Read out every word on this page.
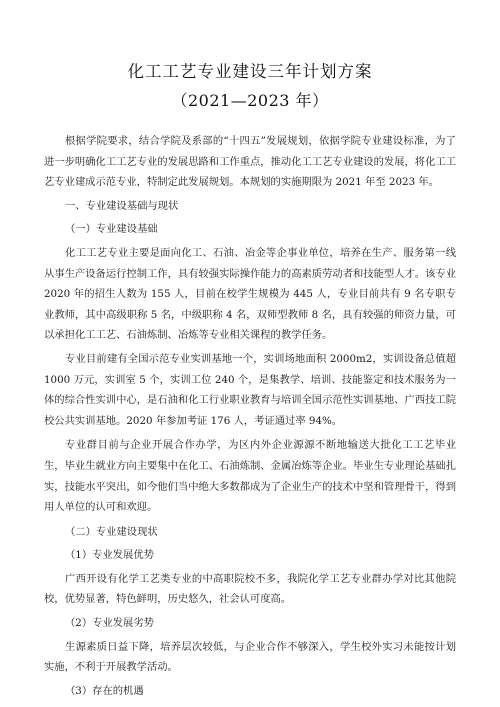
化工工艺专业建设三年计划方案
（2021—2023 年）

根据学院要求，结合学院及系部的“十四五”发展规划，依据学院专业建设标准，为了进一步明确化工工艺专业的发展思路和工作重点，推动化工工艺专业建设的发展，将化工工艺专业建成示范专业，特制定此发展规划。本规划的实施期限为 2021 年至 2023 年。

一、专业建设基础与现状

（一）专业建设基础

化工工艺专业主要是面向化工、石油、冶金等企事业单位，培养在生产、服务第一线从事生产设备运行控制工作，具有较强实际操作能力的高素质劳动者和技能型人才。该专业 2020 年的招生人数为 155 人，目前在校学生规模为 445 人，专业目前共有 9 名专职专业教师，其中高级职称 5 名，中级职称 4 名，双师型教师 8 名，具有较强的师资力量，可以承担化工工艺、石油炼制、冶炼等专业相关课程的教学任务。

专业目前建有全国示范专业实训基地一个，实训场地面积 2000m2，实训设备总值超 1000 万元，实训室 5 个，实训工位 240 个，是集教学、培训、技能鉴定和技术服务为一体的综合性实训中心，是石油和化工行业职业教育与培训全国示范性实训基地、广西技工院校公共实训基地。2020 年参加考证 176 人，考证通过率 94%。

专业群目前与企业开展合作办学，为区内外企业源源不断地输送大批化工工艺毕业生，毕业生就业方向主要集中在化工、石油炼制、金属冶炼等企业。毕业生专业理论基础扎实，技能水平突出，如今他们当中绝大多数都成为了企业生产的技术中坚和管理骨干，得到用人单位的认可和欢迎。

（二）专业建设现状

（1）专业发展优势

广西开设有化学工艺类专业的中高职院校不多，我院化学工艺专业群办学对比其他院校，优势显著，特色鲜明，历史悠久，社会认可度高。

（2）专业发展劣势

生源素质日益下降，培养层次较低，与企业合作不够深入，学生校外实习未能按计划实施，不利于开展教学活动。

（3）存在的机遇
